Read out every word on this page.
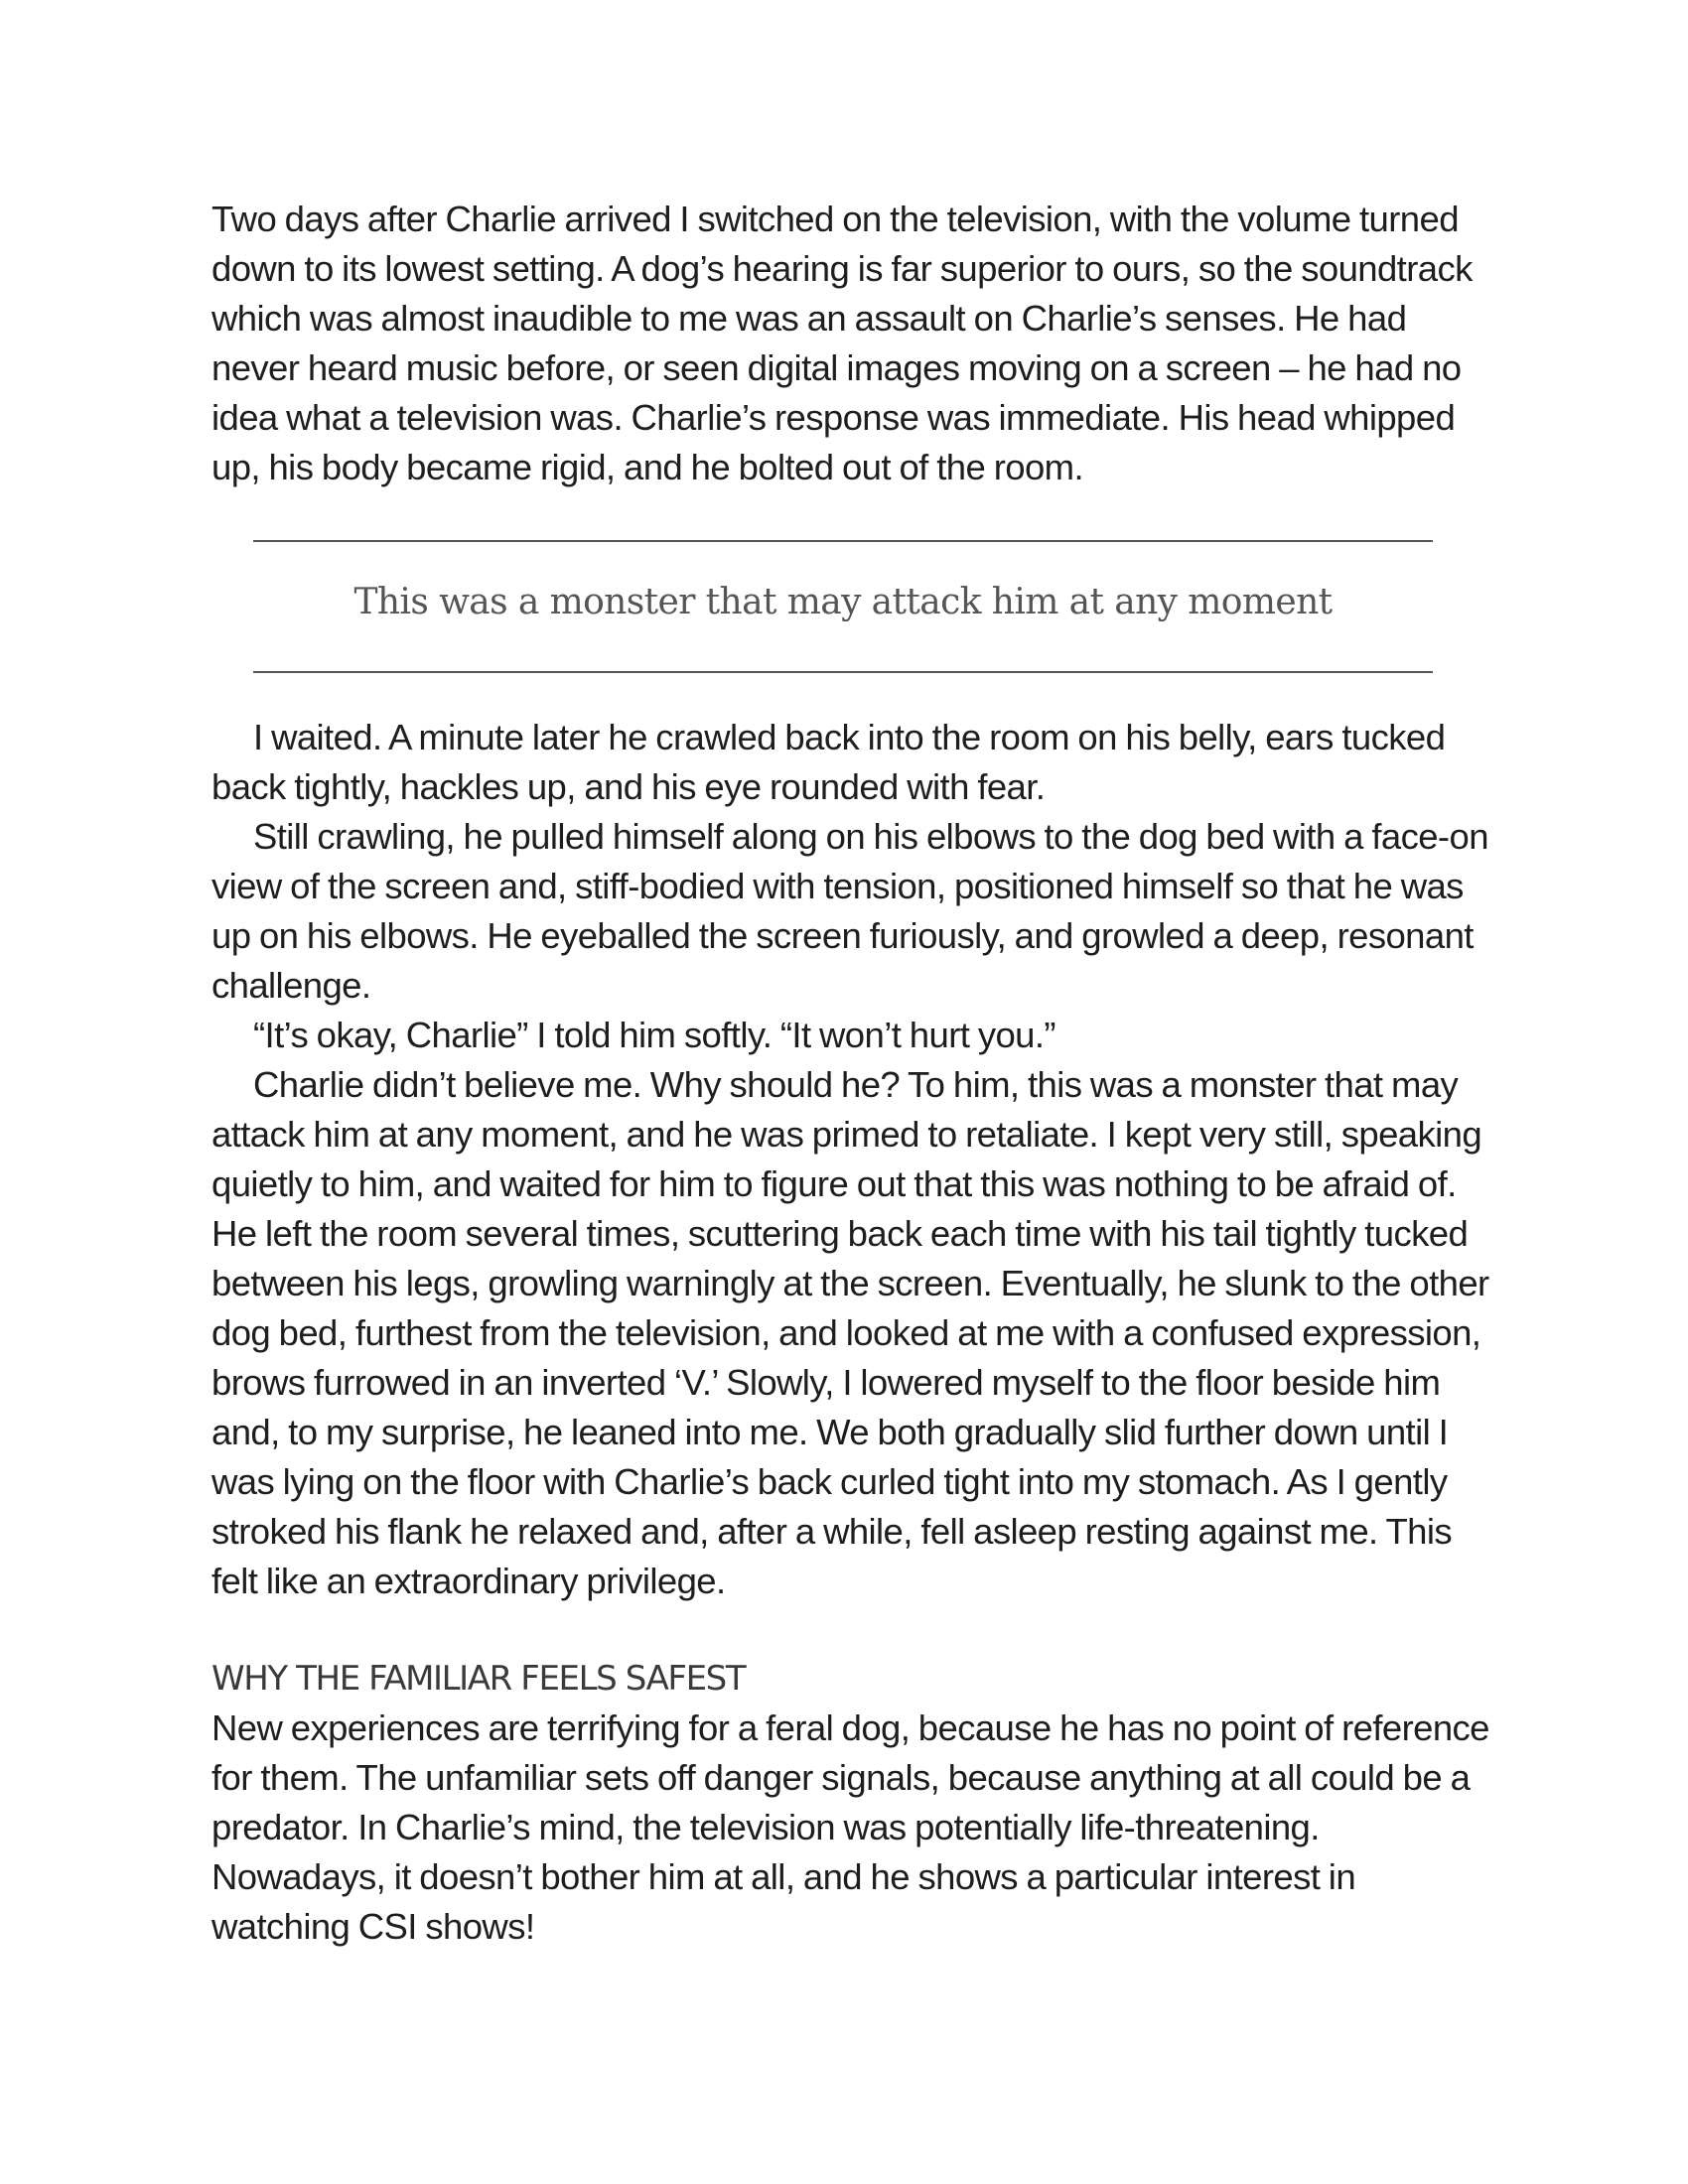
Two days after Charlie arrived I switched on the television, with the volume turned down to its lowest setting. A dog’s hearing is far superior to ours, so the soundtrack which was almost inaudible to me was an assault on Charlie’s senses. He had never heard music before, or seen digital images moving on a screen – he had no idea what a television was. Charlie’s response was immediate. His head whipped up, his body became rigid, and he bolted out of the room.

This was a monster that may attack him at any moment

I waited. A minute later he crawled back into the room on his belly, ears tucked back tightly, hackles up, and his eye rounded with fear.

Still crawling, he pulled himself along on his elbows to the dog bed with a face-on view of the screen and, stiff-bodied with tension, positioned himself so that he was up on his elbows. He eyeballed the screen furiously, and growled a deep, resonant challenge.

“It’s okay, Charlie” I told him softly. “It won’t hurt you.”

Charlie didn’t believe me. Why should he? To him, this was a monster that may attack him at any moment, and he was primed to retaliate. I kept very still, speaking quietly to him, and waited for him to figure out that this was nothing to be afraid of. He left the room several times, scuttering back each time with his tail tightly tucked between his legs, growling warningly at the screen. Eventually, he slunk to the other dog bed, furthest from the television, and looked at me with a confused expression, brows furrowed in an inverted ‘V.’ Slowly, I lowered myself to the floor beside him and, to my surprise, he leaned into me. We both gradually slid further down until I was lying on the floor with Charlie’s back curled tight into my stomach. As I gently stroked his flank he relaxed and, after a while, fell asleep resting against me. This felt like an extraordinary privilege.

WHY THE FAMILIAR FEELS SAFEST

New experiences are terrifying for a feral dog, because he has no point of reference for them. The unfamiliar sets off danger signals, because anything at all could be a predator. In Charlie’s mind, the television was potentially life-threatening. Nowadays, it doesn’t bother him at all, and he shows a particular interest in watching CSI shows!
